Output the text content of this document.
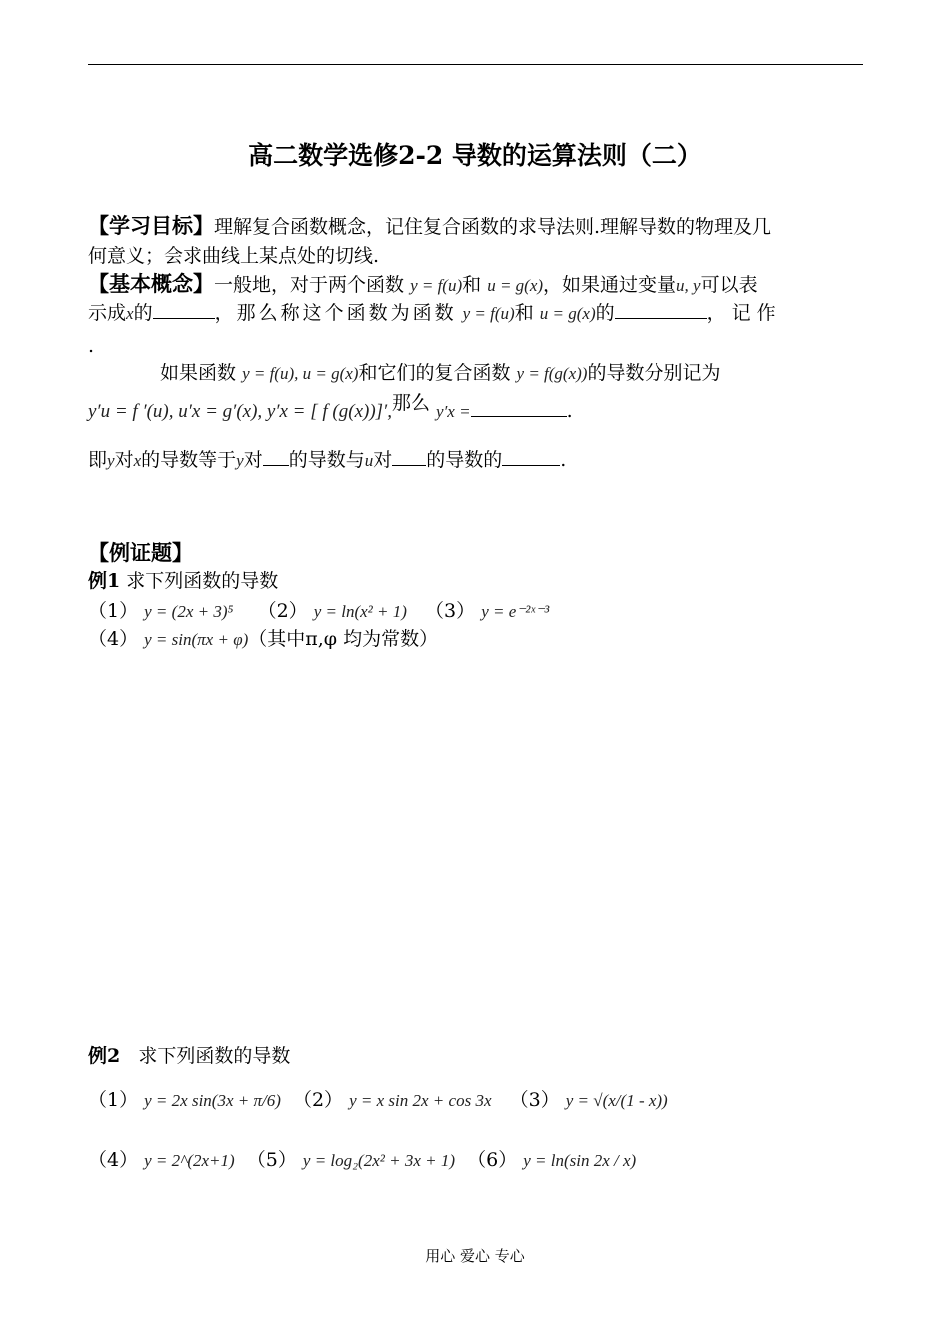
高二数学选修2-2 导数的运算法则（二）
【学习目标】理解复合函数概念，记住复合函数的求导法则.理解导数的物理及几
何意义；会求曲线上某点处的切线.
【基本概念】一般地，对于两个函数 y = f(u)和 u = g(x)，如果通过变量u, y可以表
示成x的	，那么称这个函数为函数 y = f(u)和 u = g(x)的	，记作
.
如果函数 y = f(u), u = g(x)和它们的复合函数 y = f(g(x))的导数分别记为
y′u = f ′(u), u′x = g′(x), y′x = [ f (g(x))]′,那么 y′x =	.
即y对x的导数等于y对 的导数与u对 的导数的	.
【例证题】
例1 求下列函数的导数
（1） y = (2x + 3)⁵ （2） y = ln(x² + 1) （3） y = e⁻²ˣ⁻³
（4） y = sin(πx + φ)（其中π,φ 均为常数）
例2 求下列函数的导数
（1） y = 2x sin(3x + π/6) （2） y = x sin 2x + cos 3x （3） y = √(x/(1 - x))
（4） y = 2^(2x+1) （5） y = log₂(2x² + 3x + 1) （6） y = ln(sin 2x / x)
用心 爱心 专心
